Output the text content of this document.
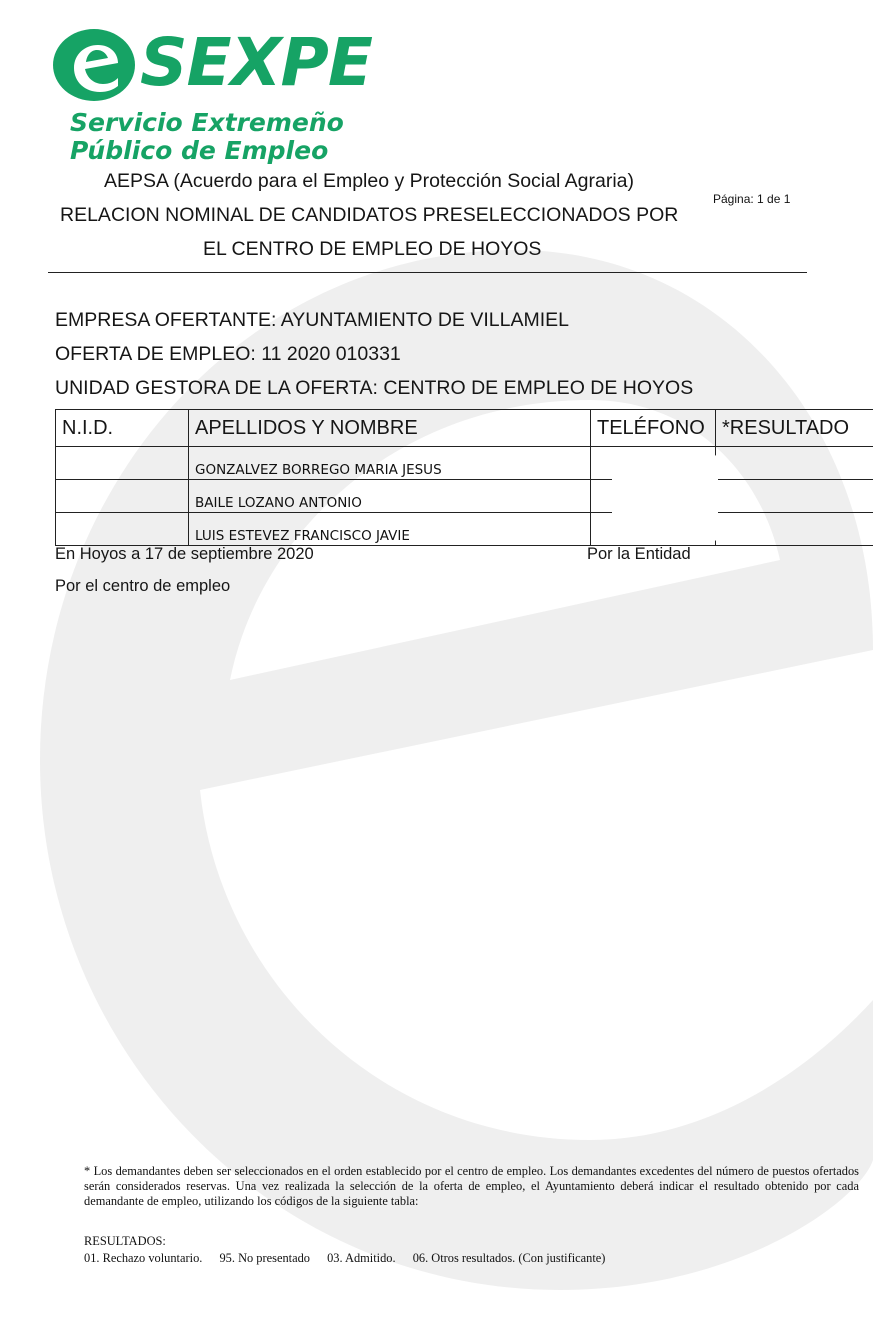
SEXPE
Servicio Extremeño
Público de Empleo
AEPSA (Acuerdo para el Empleo y Protección Social Agraria)
RELACION NOMINAL DE CANDIDATOS PRESELECCIONADOS POR
EL CENTRO DE EMPLEO DE HOYOS
Página: 1 de 1
EMPRESA OFERTANTE: AYUNTAMIENTO DE VILLAMIEL
OFERTA DE EMPLEO: 11 2020 010331
UNIDAD GESTORA DE LA OFERTA: CENTRO DE EMPLEO DE HOYOS
N.I.D.	APELLIDOS Y NOMBRE	TELÉFONO	*RESULTADO
	GONZALVEZ BORREGO MARIA JESUS		
	BAILE LOZANO ANTONIO		
	LUIS ESTEVEZ FRANCISCO JAVIE		
En Hoyos a 17 de septiembre 2020	Por la Entidad
Por el centro de empleo
* Los demandantes deben ser seleccionados en el orden establecido por el centro de empleo. Los demandantes excedentes del número de puestos ofertados serán considerados reservas. Una vez realizada la selección de la oferta de empleo, el Ayuntamiento deberá indicar el resultado obtenido por cada demandante de empleo, utilizando los códigos de la siguiente tabla:
RESULTADOS:
01. Rechazo voluntario. 95. No presentado 03. Admitido. 06. Otros resultados. (Con justificante)
